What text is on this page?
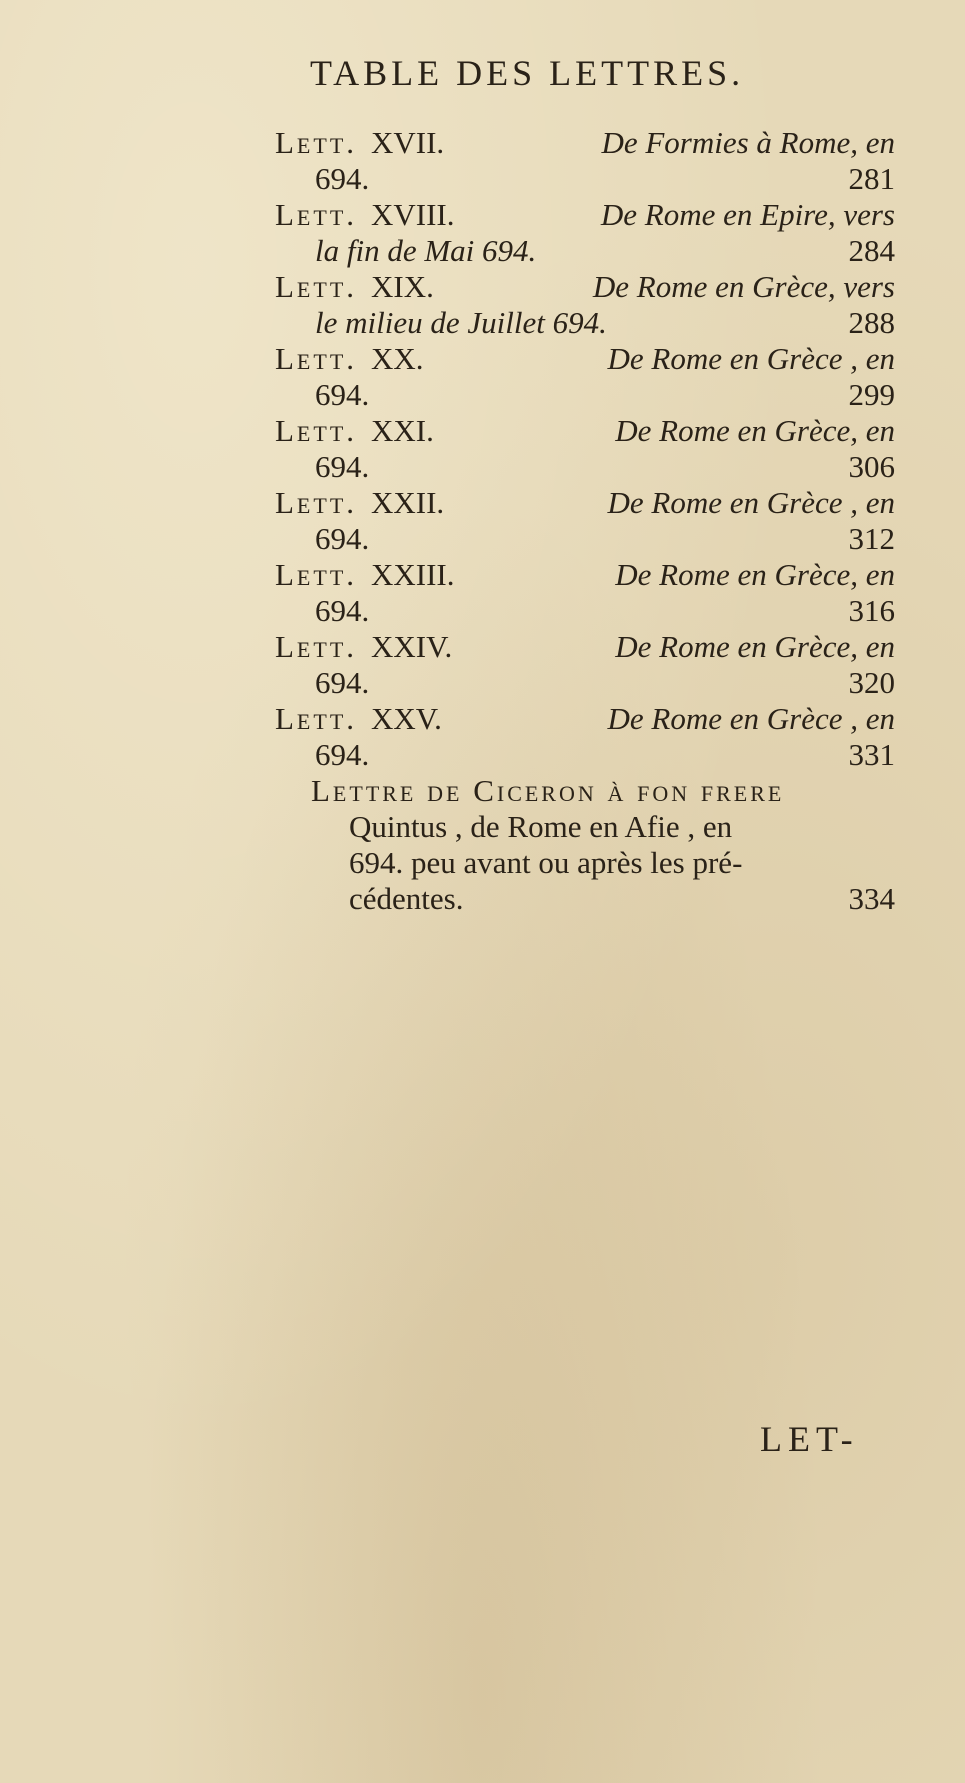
TABLE DES LETTRES.
Lett. XVII.	De Formies à Rome, en
694.	281
Lett. XVIII.	De Rome en Epire, vers
la fin de Mai 694.	284
Lett. XIX.	De Rome en Grèce, vers
le milieu de Juillet 694.	288
Lett. XX.	De Rome en Grèce , en
694.	299
Lett. XXI.	De Rome en Grèce, en
694.	306
Lett. XXII.	De Rome en Grèce , en
694.	312
Lett. XXIII.	De Rome en Grèce, en
694.	316
Lett. XXIV.	De Rome en Grèce, en
694.	320
Lett. XXV.	De Rome en Grèce , en
694.	331
Lettre de Ciceron à fon frere
Quintus , de Rome en Afie , en
694. peu avant ou après les pré-
cédentes.	334
LET-
